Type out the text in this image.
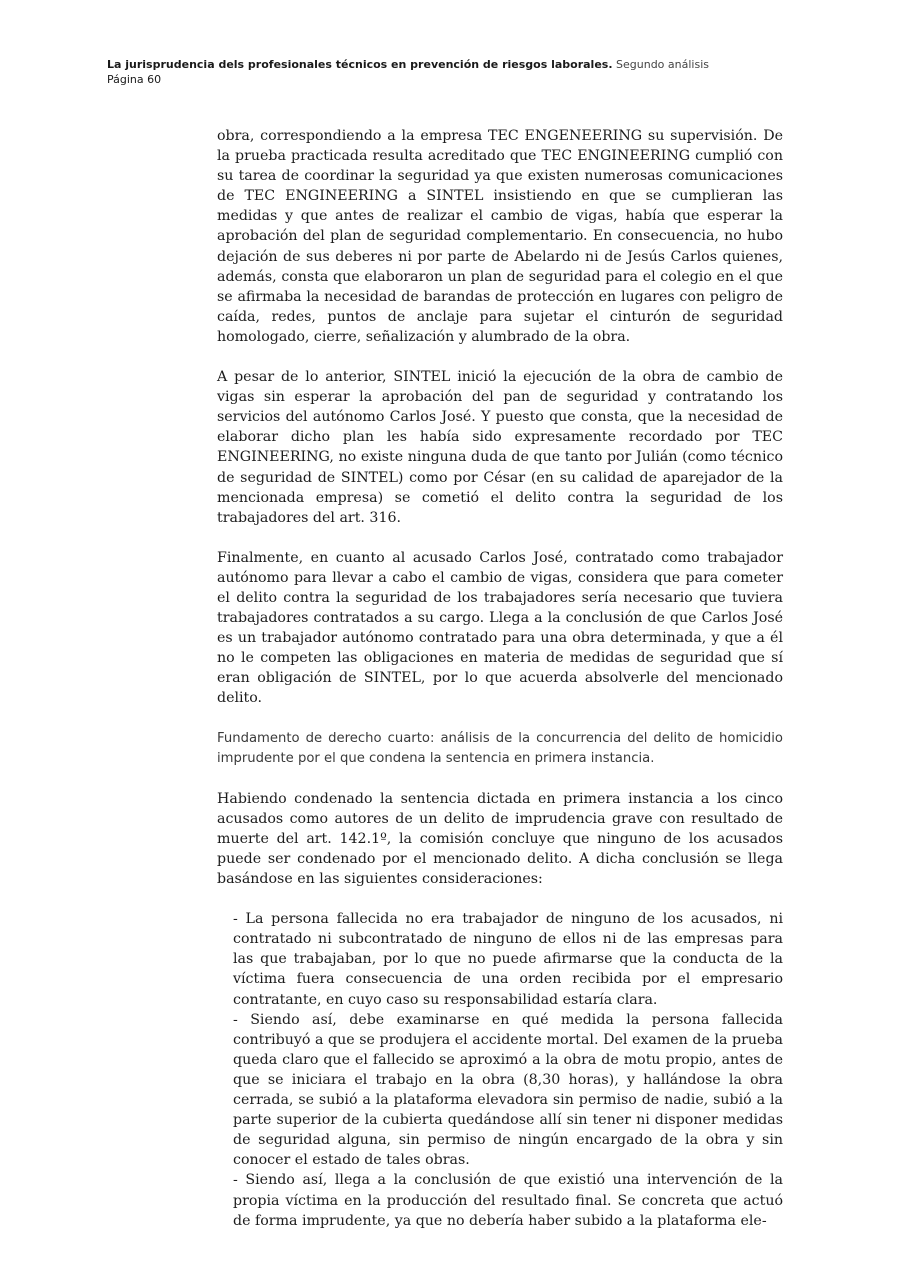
La jurisprudencia dels profesionales técnicos en prevención de riesgos laborales. Segundo análisis
Página 60

obra, correspondiendo a la empresa TEC ENGENEERING su supervisión. De la prueba practicada resulta acreditado que TEC ENGINEERING cumplió con su tarea de coordinar la seguridad ya que existen numerosas comunicaciones de TEC ENGINEERING a SINTEL insistiendo en que se cumplieran las medidas y que antes de realizar el cambio de vigas, había que esperar la aprobación del plan de seguridad complementario. En consecuencia, no hubo dejación de sus deberes ni por parte de Abelardo ni de Jesús Carlos quienes, además, consta que elaboraron un plan de seguridad para el colegio en el que se afirmaba la necesidad de barandas de protección en lugares con peligro de caída, redes, puntos de anclaje para sujetar el cinturón de seguridad homologado, cierre, señalización y alumbrado de la obra.

A pesar de lo anterior, SINTEL inició la ejecución de la obra de cambio de vigas sin esperar la aprobación del pan de seguridad y contratando los servicios del autónomo Carlos José. Y puesto que consta, que la necesidad de elaborar dicho plan les había sido expresamente recordado por TEC ENGINEERING, no existe ninguna duda de que tanto por Julián (como técnico de seguridad de SINTEL) como por César (en su calidad de aparejador de la mencionada empresa) se cometió el delito contra la seguridad de los trabajadores del art. 316.

Finalmente, en cuanto al acusado Carlos José, contratado como trabajador autónomo para llevar a cabo el cambio de vigas, considera que para cometer el delito contra la seguridad de los trabajadores sería necesario que tuviera trabajadores contratados a su cargo. Llega a la conclusión de que Carlos José es un trabajador autónomo contratado para una obra determinada, y que a él no le competen las obligaciones en materia de medidas de seguridad que sí eran obligación de SINTEL, por lo que acuerda absolverle del mencionado delito.

Fundamento de derecho cuarto: análisis de la concurrencia del delito de homicidio imprudente por el que condena la sentencia en primera instancia.

Habiendo condenado la sentencia dictada en primera instancia a los cinco acusados como autores de un delito de imprudencia grave con resultado de muerte del art. 142.1º, la comisión concluye que ninguno de los acusados puede ser condenado por el mencionado delito. A dicha conclusión se llega basándose en las siguientes consideraciones:

- La persona fallecida no era trabajador de ninguno de los acusados, ni contratado ni subcontratado de ninguno de ellos ni de las empresas para las que trabajaban, por lo que no puede afirmarse que la conducta de la víctima fuera consecuencia de una orden recibida por el empresario contratante, en cuyo caso su responsabilidad estaría clara.

- Siendo así, debe examinarse en qué medida la persona fallecida contribuyó a que se produjera el accidente mortal. Del examen de la prueba queda claro que el fallecido se aproximó a la obra de motu propio, antes de que se iniciara el trabajo en la obra (8,30 horas), y hallándose la obra cerrada, se subió a la plataforma elevadora sin permiso de nadie, subió a la parte superior de la cubierta quedándose allí sin tener ni disponer medidas de seguridad alguna, sin permiso de ningún encargado de la obra y sin conocer el estado de tales obras.

- Siendo así, llega a la conclusión de que existió una intervención de la propia víctima en la producción del resultado final. Se concreta que actuó de forma imprudente, ya que no debería haber subido a la plataforma ele-
